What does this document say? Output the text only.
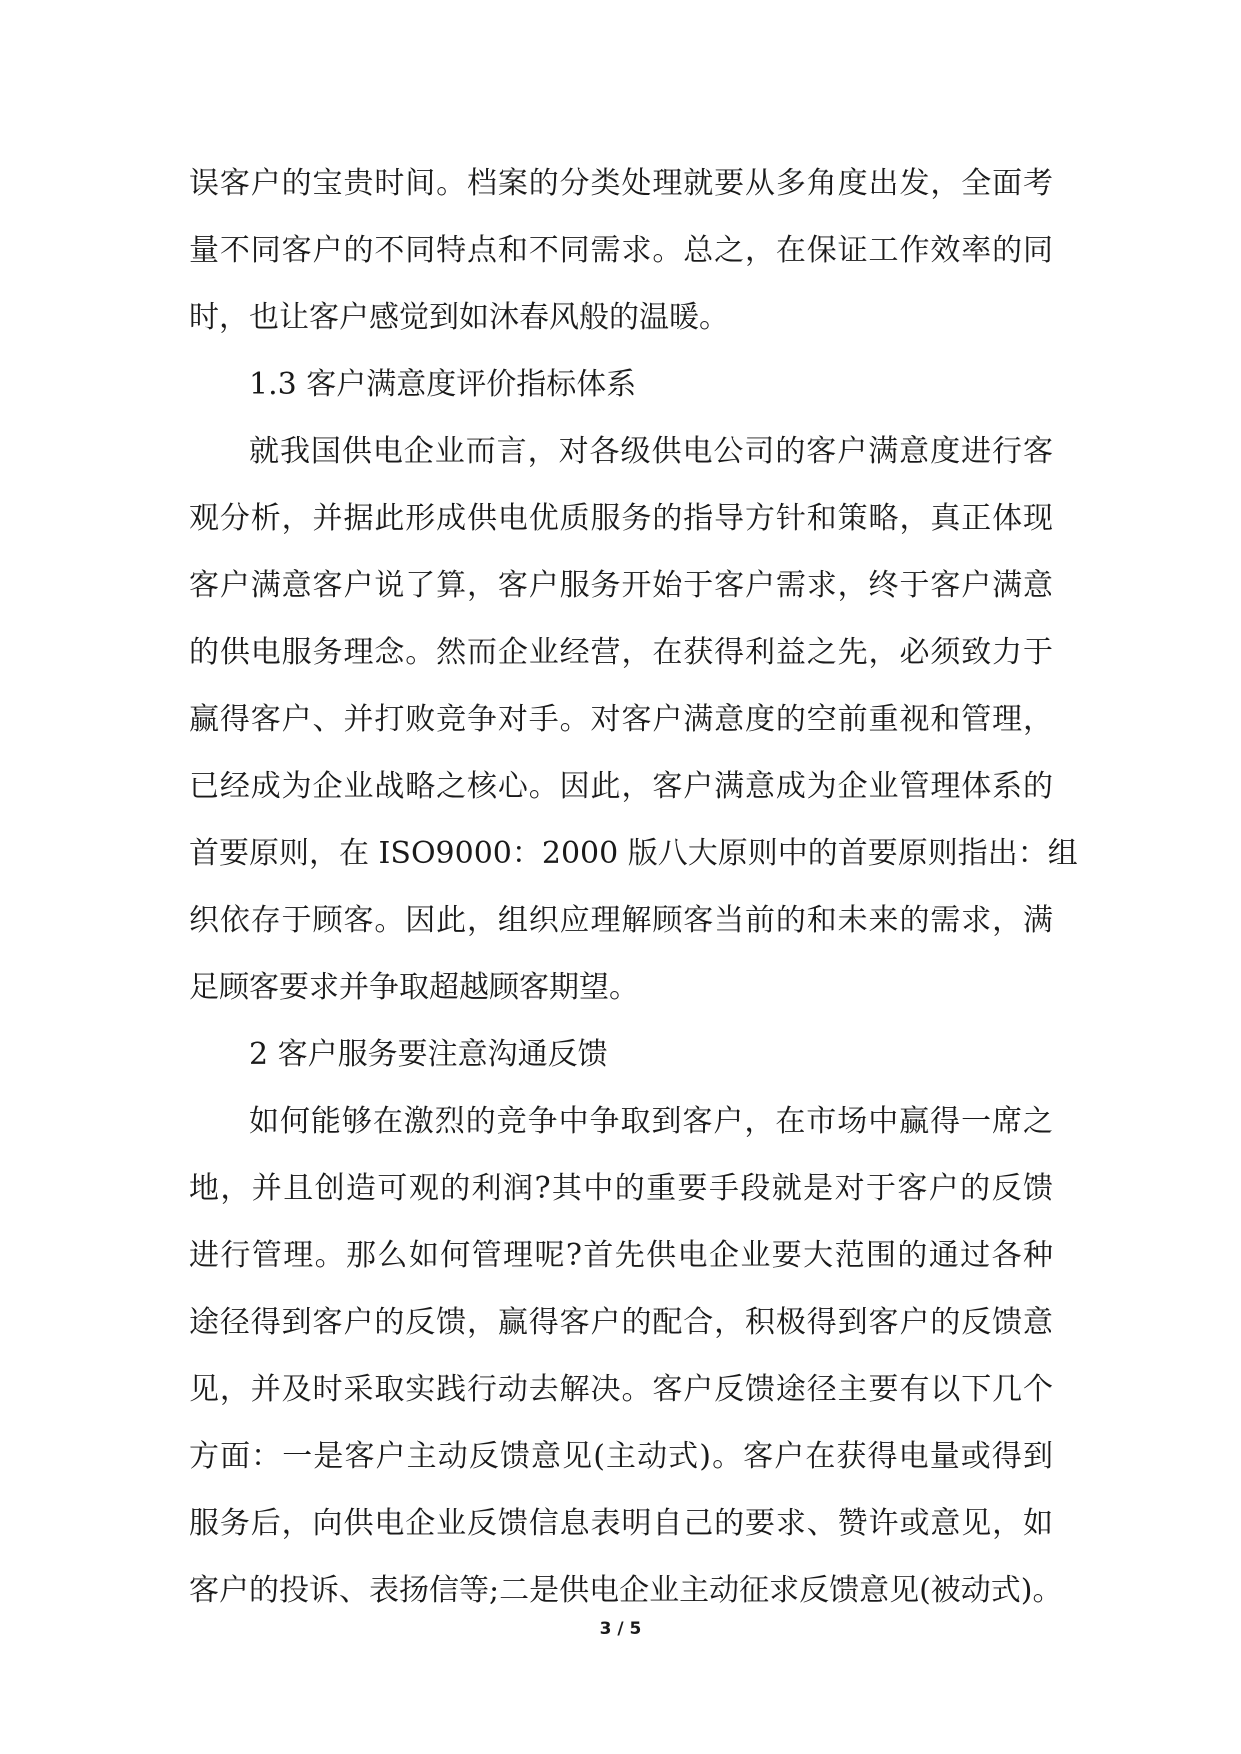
误客户的宝贵时间。档案的分类处理就要从多角度出发，全面考
量不同客户的不同特点和不同需求。总之，在保证工作效率的同
时，也让客户感觉到如沐春风般的温暖。
1.3 客户满意度评价指标体系
就我国供电企业而言，对各级供电公司的客户满意度进行客
观分析，并据此形成供电优质服务的指导方针和策略，真正体现
客户满意客户说了算，客户服务开始于客户需求，终于客户满意
的供电服务理念。然而企业经营，在获得利益之先，必须致力于
赢得客户、并打败竞争对手。对客户满意度的空前重视和管理，
已经成为企业战略之核心。因此，客户满意成为企业管理体系的
首要原则，在 ISO9000：2000 版八大原则中的首要原则指出：组
织依存于顾客。因此，组织应理解顾客当前的和未来的需求，满
足顾客要求并争取超越顾客期望。
2 客户服务要注意沟通反馈
如何能够在激烈的竞争中争取到客户，在市场中赢得一席之
地，并且创造可观的利润?其中的重要手段就是对于客户的反馈
进行管理。那么如何管理呢?首先供电企业要大范围的通过各种
途径得到客户的反馈，赢得客户的配合，积极得到客户的反馈意
见，并及时采取实践行动去解决。客户反馈途径主要有以下几个
方面：一是客户主动反馈意见(主动式)。客户在获得电量或得到
服务后，向供电企业反馈信息表明自己的要求、赞许或意见，如
客户的投诉、表扬信等;二是供电企业主动征求反馈意见(被动式)。
3 / 5
